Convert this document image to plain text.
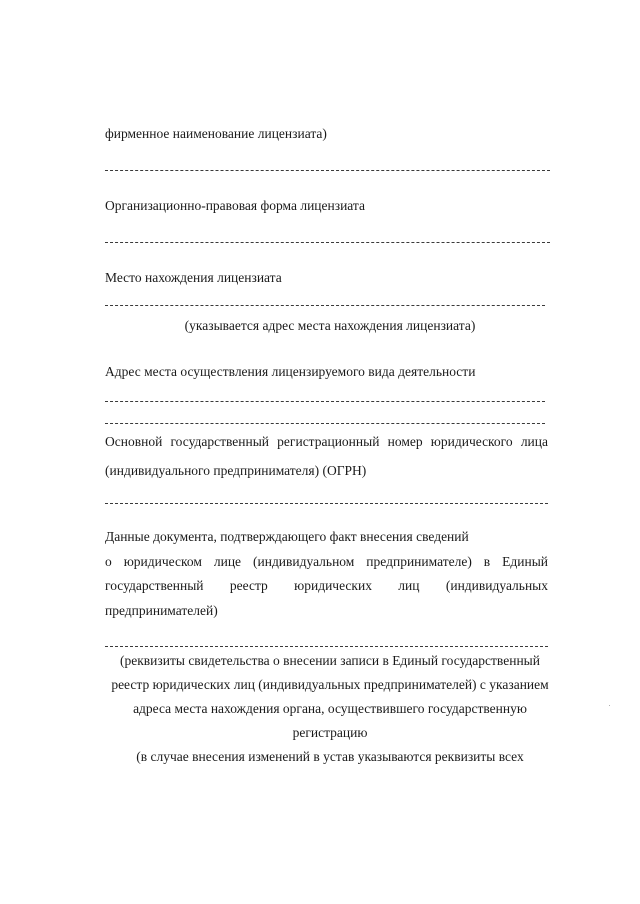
фирменное наименование лицензиата)
Организационно-правовая форма лицензиата
Место нахождения лицензиата
(указывается адрес места нахождения лицензиата)
Адрес места осуществления лицензируемого вида деятельности
Основной государственный регистрационный номер юридического лица
(индивидуального предпринимателя) (ОГРН)
Данные документа, подтверждающего факт внесения сведений
о юридическом лице (индивидуальном предпринимателе) в Единый
государственный реестр юридических лиц (индивидуальных
предпринимателей)
(реквизиты свидетельства о внесении записи в Единый государственный
реестр юридических лиц (индивидуальных предпринимателей) с указанием
адреса места нахождения органа, осуществившего государственную
регистрацию
(в случае внесения изменений в устав указываются реквизиты всех
